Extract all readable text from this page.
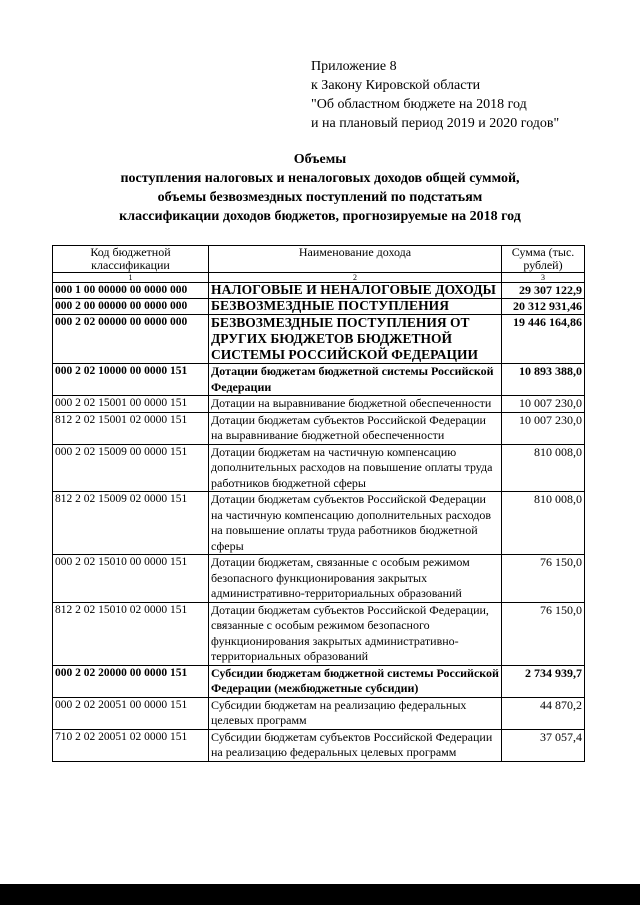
Приложение 8
к Закону Кировской области
"Об областном бюджете на 2018 год
и на плановый период 2019 и 2020 годов"
Объемы
поступления налоговых и неналоговых доходов общей суммой,
объемы безвозмездных поступлений по подстатьям
классификации доходов бюджетов, прогнозируемые на 2018 год
Код бюджетной классификации	Наименование дохода	Сумма (тыс. рублей)
1	2	3
000 1 00 00000 00 0000 000	НАЛОГОВЫЕ И НЕНАЛОГОВЫЕ ДОХОДЫ	29 307 122,9
000 2 00 00000 00 0000 000	БЕЗВОЗМЕЗДНЫЕ ПОСТУПЛЕНИЯ	20 312 931,46
000 2 02 00000 00 0000 000	БЕЗВОЗМЕЗДНЫЕ ПОСТУПЛЕНИЯ ОТ ДРУГИХ БЮДЖЕТОВ БЮДЖЕТНОЙ СИСТЕМЫ РОССИЙСКОЙ ФЕДЕРАЦИИ	19 446 164,86
000 2 02 10000 00 0000 151	Дотации бюджетам бюджетной системы Российской Федерации	10 893 388,0
000 2 02 15001 00 0000 151	Дотации на выравнивание бюджетной обеспеченности	10 007 230,0
812 2 02 15001 02 0000 151	Дотации бюджетам субъектов Российской Федерации на выравнивание бюджетной обеспеченности	10 007 230,0
000 2 02 15009 00 0000 151	Дотации бюджетам на частичную компенсацию дополнительных расходов на повышение оплаты труда работников бюджетной сферы	810 008,0
812 2 02 15009 02 0000 151	Дотации бюджетам субъектов Российской Федерации на частичную компенсацию дополнительных расходов на повышение оплаты труда работников бюджетной сферы	810 008,0
000 2 02 15010 00 0000 151	Дотации бюджетам, связанные с особым режимом безопасного функционирования закрытых административно-территориальных образований	76 150,0
812 2 02 15010 02 0000 151	Дотации бюджетам субъектов Российской Федерации, связанные с особым режимом безопасного функционирования закрытых административно-территориальных образований	76 150,0
000 2 02 20000 00 0000 151	Субсидии бюджетам бюджетной системы Российской Федерации (межбюджетные субсидии)	2 734 939,7
000 2 02 20051 00 0000 151	Субсидии бюджетам на реализацию федеральных целевых программ	44 870,2
710 2 02 20051 02 0000 151	Субсидии бюджетам субъектов Российской Федерации на реализацию федеральных целевых программ	37 057,4
